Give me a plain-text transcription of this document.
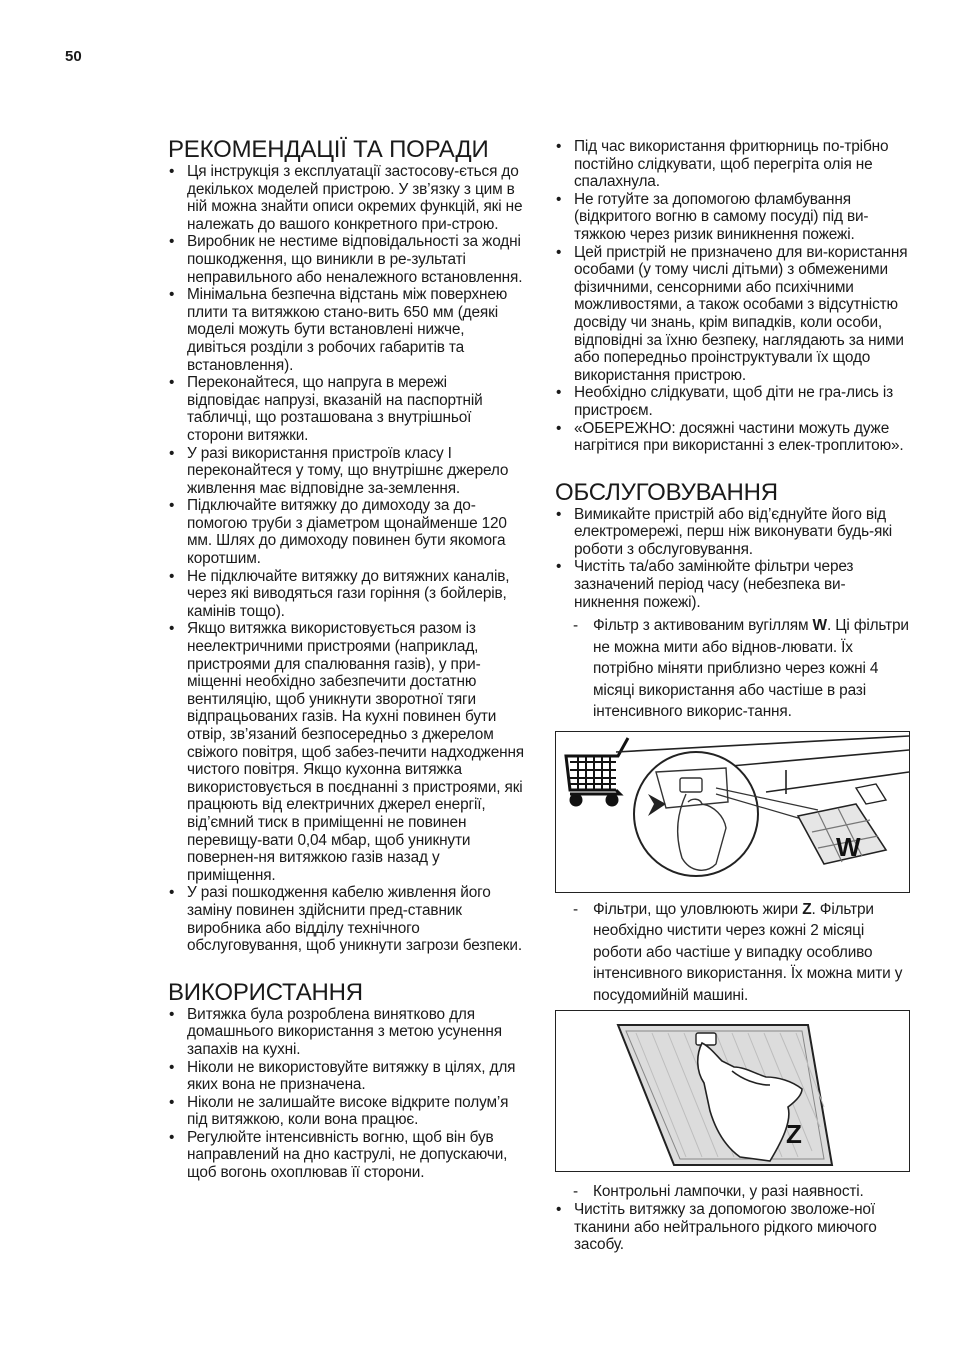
50
РЕКОМЕНДАЦІЇ ТА ПОРАДИ
• Ця інструкція з експлуатації застосову-ється до декількох моделей пристрою. У зв’язку з цим в ній можна знайти описи окремих функцій, які не належать до вашого конкретного при-строю.
• Виробник не нестиме відповідальності за жодні пошкодження, що виникли в ре-зультаті неправильного або неналежного встановлення.
• Мінімальна безпечна відстань між поверхнею плити та витяжкою стано-вить 650 мм (деякі моделі можуть бути встановлені нижче, дивіться розділи з робочих габаритів та встановлення).
• Переконайтеся, що напруга в мережі відповідає напрузі, вказаній на паспортній табличці, що розташована з внутрішньої сторони витяжки.
• У разі використання пристроїв класу I переконайтеся у тому, що внутрішнє джерело живлення має відповідне за-землення.
• Підключайте витяжку до димоходу за до-помогою труби з діаметром щонайменше 120 мм. Шлях до димоходу повинен бути якомога коротшим.
• Не підключайте витяжку до витяжних каналів, через які виводяться гази горіння (з бойлерів, камінів тощо).
• Якщо витяжка використовується разом із неелектричними пристроями (наприклад, пристроями для спалювання газів), у при-міщенні необхідно забезпечити достатню вентиляцію, щоб уникнути зворотної тяги відпрацьованих газів. На кухні повинен бути отвір, зв’язаний безпосередньо з джерелом свіжого повітря, щоб забез-печити надходження чистого повітря. Якщо кухонна витяжка використовується в поєднанні з пристроями, які працюють від електричних джерел енергії, від’ємний тиск в приміщенні не повинен перевищу-вати 0,04 мбар, щоб уникнути повернен-ня витяжкою газів назад у приміщення.
• У разі пошкодження кабелю живлення його заміну повинен здійснити пред-ставник виробника або відділу технічного обслуговування, щоб уникнути загрози безпеки.
ВИКОРИСТАННЯ
• Витяжка була розроблена винятково для домашнього використання з метою усунення запахів на кухні.
• Ніколи не використовуйте витяжку в цілях, для яких вона не призначена.
• Ніколи не залишайте високе відкрите полум’я під витяжкою, коли вона працює.
• Регулюйте інтенсивність вогню, щоб він був направлений на дно каструлі, не допускаючи, щоб вогонь охоплював її сторони.
• Під час використання фритюрниць по-трібно постійно слідкувати, щоб перегріта олія не спалахнула.
• Не готуйте за допомогою фламбування (відкритого вогню в самому посуді) під ви-тяжкою через ризик виникнення пожежі.
• Цей пристрій не призначено для ви-користання особами (у тому числі дітьми) з обмеженими фізичними, сенсорними або психічними можливостями, а також особами з відсутністю досвіду чи знань, крім випадків, коли особи, відповідні за їхню безпеку, наглядають за ними або попередньо проінструктували їх щодо використання пристрою.
• Необхідно слідкувати, щоб діти не гра-лись із пристроєм.
• «ОБЕРЕЖНО: досяжні частини можуть дуже нагрітися при використанні з елек-троплитою».
ОБСЛУГОВУВАННЯ
• Вимикайте пристрій або від’єднуйте його від електромережі, перш ніж виконувати будь-які роботи з обслуговування.
• Чистіть та/або замінюйте фільтри через зазначений період часу (небезпека ви-никнення пожежі).
- Фільтр з активованим вугіллям W. Ці фільтри не можна мити або віднов-лювати. Їх потрібно міняти приблизно через кожні 4 місяці використання або частіше в разі інтенсивного викорис-тання.
W
- Фільтри, що уловлюють жири Z. Фільтри необхідно чистити через кожні 2 місяці роботи або частіше у випадку особливо інтенсивного використання. Їх можна мити у посудомийній машині.
Z
- Контрольні лампочки, у разі наявності.
• Чистіть витяжку за допомогою зволоже-ної тканини або нейтрального рідкого миючого засобу.
